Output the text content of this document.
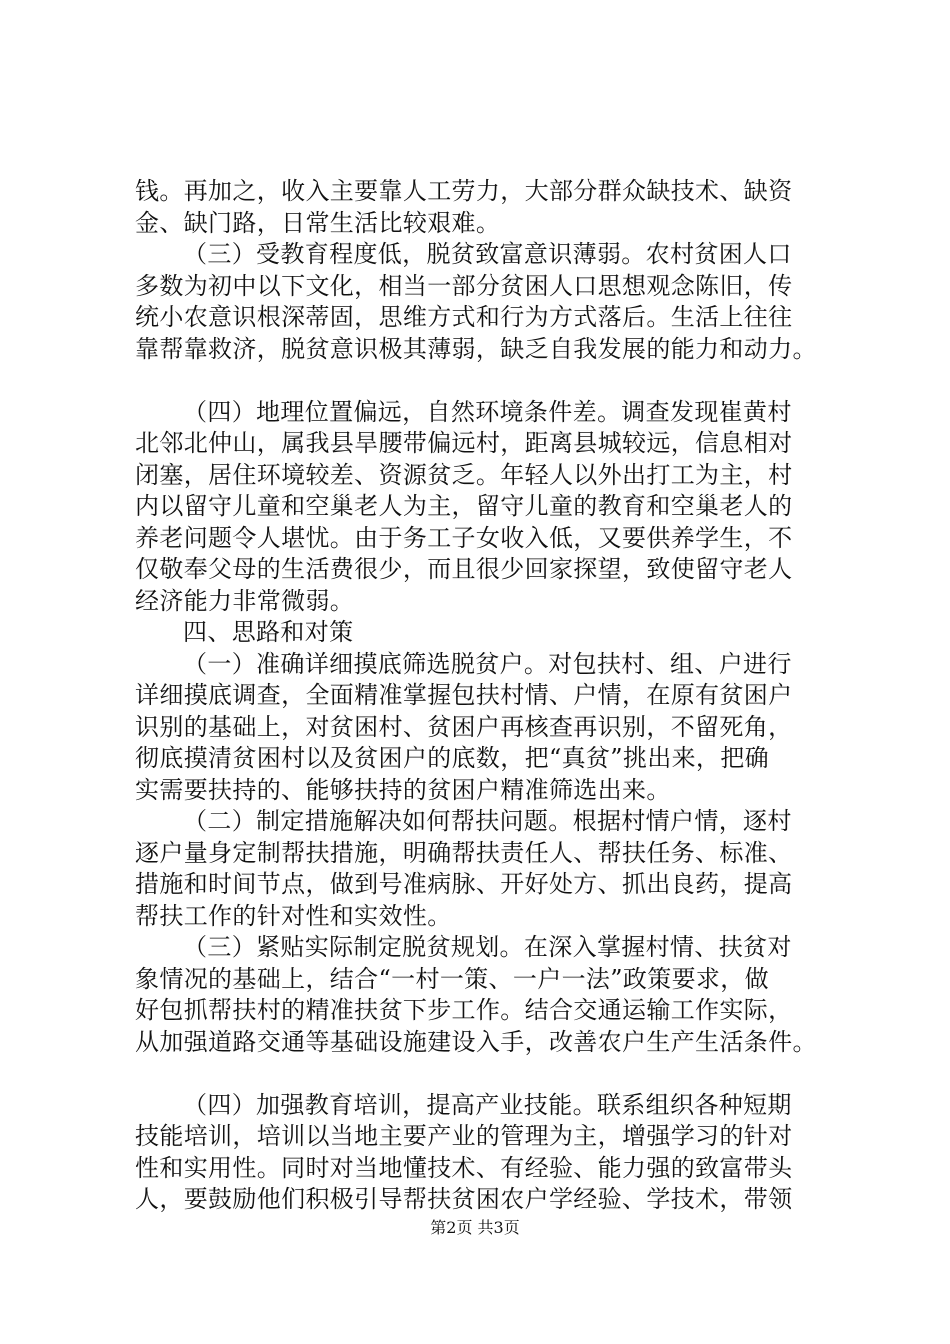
钱。再加之，收入主要靠人工劳力，大部分群众缺技术、缺资
金、缺门路，日常生活比较艰难。
（三）受教育程度低，脱贫致富意识薄弱。农村贫困人口
多数为初中以下文化，相当一部分贫困人口思想观念陈旧，传
统小农意识根深蒂固，思维方式和行为方式落后。生活上往往
靠帮靠救济，脱贫意识极其薄弱，缺乏自我发展的能力和动力。
（四）地理位置偏远，自然环境条件差。调查发现崔黄村
北邻北仲山，属我县旱腰带偏远村，距离县城较远，信息相对
闭塞，居住环境较差、资源贫乏。年轻人以外出打工为主，村
内以留守儿童和空巢老人为主，留守儿童的教育和空巢老人的
养老问题令人堪忧。由于务工子女收入低，又要供养学生，不
仅敬奉父母的生活费很少，而且很少回家探望，致使留守老人
经济能力非常微弱。
四、思路和对策
（一）准确详细摸底筛选脱贫户。对包扶村、组、户进行
详细摸底调查，全面精准掌握包扶村情、户情，在原有贫困户
识别的基础上，对贫困村、贫困户再核查再识别，不留死角，
彻底摸清贫困村以及贫困户的底数，把“真贫”挑出来，把确
实需要扶持的、能够扶持的贫困户精准筛选出来。
（二）制定措施解决如何帮扶问题。根据村情户情，逐村
逐户量身定制帮扶措施，明确帮扶责任人、帮扶任务、标准、
措施和时间节点，做到号准病脉、开好处方、抓出良药，提高
帮扶工作的针对性和实效性。
（三）紧贴实际制定脱贫规划。在深入掌握村情、扶贫对
象情况的基础上，结合“一村一策、一户一法”政策要求，做
好包抓帮扶村的精准扶贫下步工作。结合交通运输工作实际，
从加强道路交通等基础设施建设入手，改善农户生产生活条件。
（四）加强教育培训，提高产业技能。联系组织各种短期
技能培训，培训以当地主要产业的管理为主，增强学习的针对
性和实用性。同时对当地懂技术、有经验、能力强的致富带头
人，要鼓励他们积极引导帮扶贫困农户学经验、学技术，带领
第2页 共3页
